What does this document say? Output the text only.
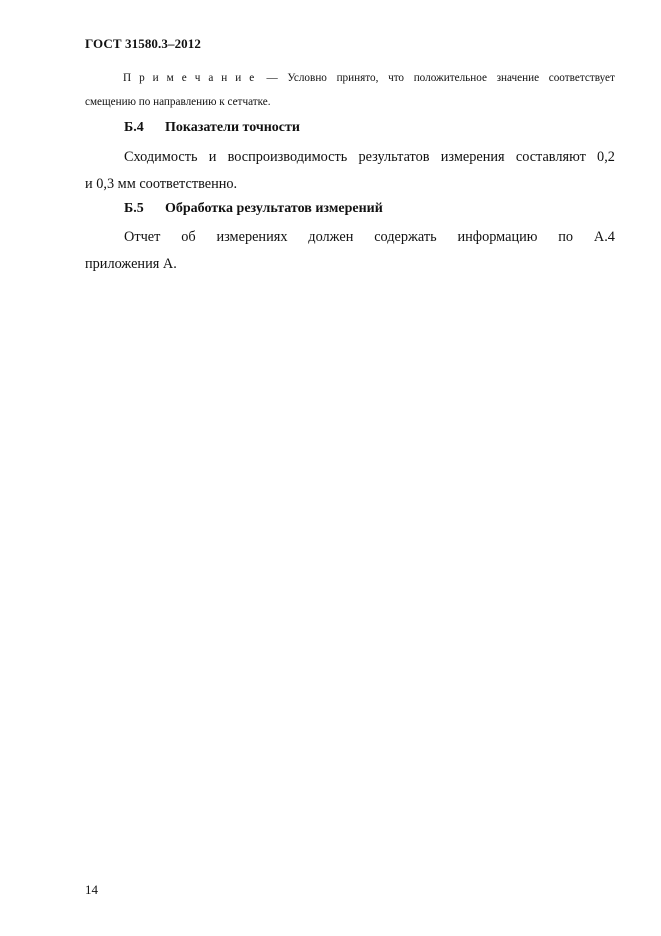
ГОСТ 31580.3–2012
П р и м е ч а н и е — Условно принято, что положительное значение соответствует
смещению по направлению к сетчатке.
Б.4 Показатели точности
Сходимость и воспроизводимость результатов измерения составляют 0,2
и 0,3 мм соответственно.
Б.5 Обработка результатов измерений
Отчет об измерениях должен содержать информацию по А.4
приложения А.
14
